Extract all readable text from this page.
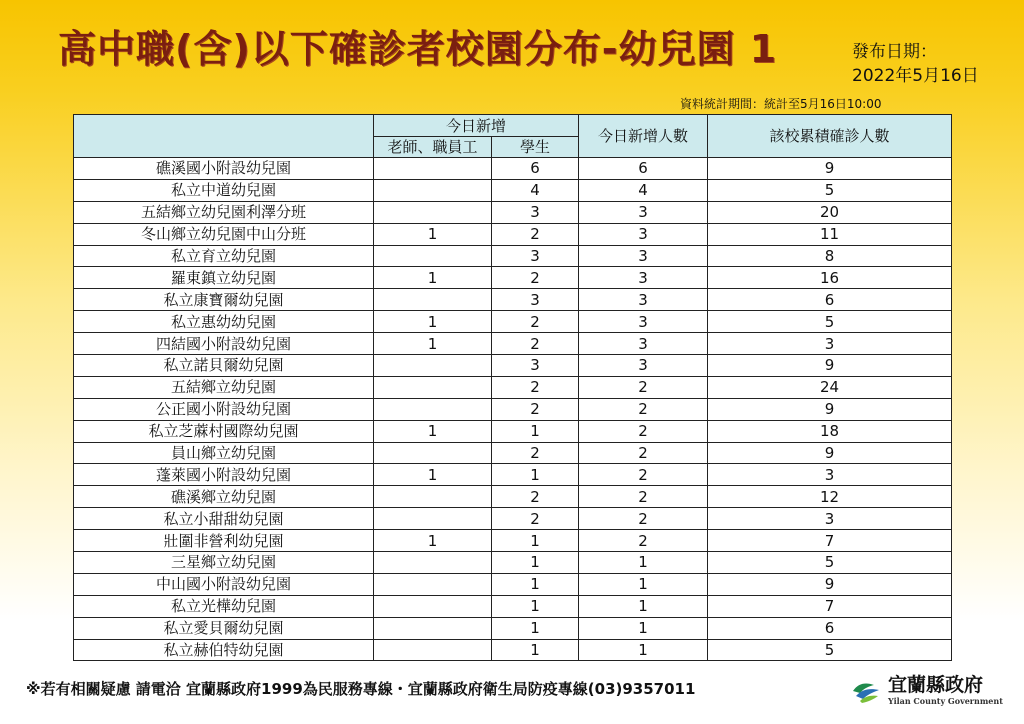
高中職(含)以下確診者校園分布-幼兒園 1	發布日期：
2022年5月16日
資料統計期間：統計至5月16日10:00
	今日新增		今日新增人數	該校累積確診人數
	老師、職員工	學生		
礁溪國小附設幼兒園		6	6	9
私立中道幼兒園		4	4	5
五結鄉立幼兒園利澤分班		3	3	20
冬山鄉立幼兒園中山分班	1	2	3	11
私立育立幼兒園		3	3	8
羅東鎮立幼兒園	1	2	3	16
私立康寶爾幼兒園		3	3	6
私立惠幼幼兒園	1	2	3	5
四結國小附設幼兒園	1	2	3	3
私立諾貝爾幼兒園		3	3	9
五結鄉立幼兒園		2	2	24
公正國小附設幼兒園		2	2	9
私立芝蔴村國際幼兒園	1	1	2	18
員山鄉立幼兒園		2	2	9
蓬萊國小附設幼兒園	1	1	2	3
礁溪鄉立幼兒園		2	2	12
私立小甜甜幼兒園		2	2	3
壯圍非營利幼兒園	1	1	2	7
三星鄉立幼兒園		1	1	5
中山國小附設幼兒園		1	1	9
私立光樺幼兒園		1	1	7
私立愛貝爾幼兒園		1	1	6
私立赫伯特幼兒園		1	1	5
※若有相關疑慮 請電洽 宜蘭縣政府1999為民服務專線・宜蘭縣政府衛生局防疫專線(03)9357011	宜蘭縣政府
Yilan County Government
